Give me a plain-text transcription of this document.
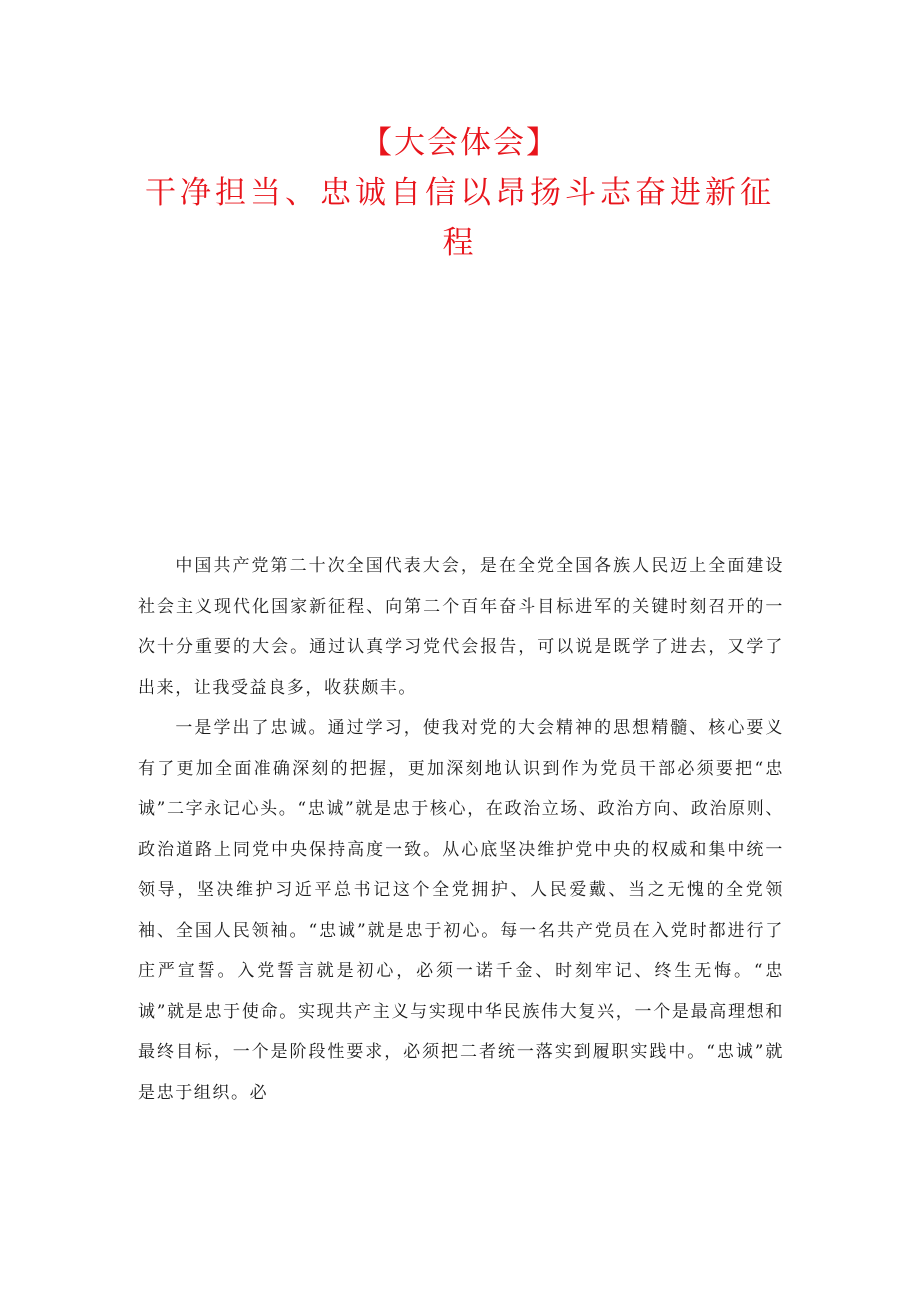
【大会体会】
干净担当、忠诚自信以昂扬斗志奋进新征程

中国共产党第二十次全国代表大会，是在全党全国各族人民迈上全面建设社会主义现代化国家新征程、向第二个百年奋斗目标进军的关键时刻召开的一次十分重要的大会。通过认真学习党代会报告，可以说是既学了进去，又学了出来，让我受益良多，收获颇丰。

一是学出了忠诚。通过学习，使我对党的大会精神的思想精髓、核心要义有了更加全面准确深刻的把握，更加深刻地认识到作为党员干部必须要把“忠诚”二字永记心头。“忠诚”就是忠于核心，在政治立场、政治方向、政治原则、政治道路上同党中央保持高度一致。从心底坚决维护党中央的权威和集中统一领导，坚决维护习近平总书记这个全党拥护、人民爱戴、当之无愧的全党领袖、全国人民领袖。“忠诚”就是忠于初心。每一名共产党员在入党时都进行了庄严宣誓。入党誓言就是初心，必须一诺千金、时刻牢记、终生无悔。“忠诚”就是忠于使命。实现共产主义与实现中华民族伟大复兴，一个是最高理想和最终目标，一个是阶段性要求，必须把二者统一落实到履职实践中。“忠诚”就是忠于组织。必
